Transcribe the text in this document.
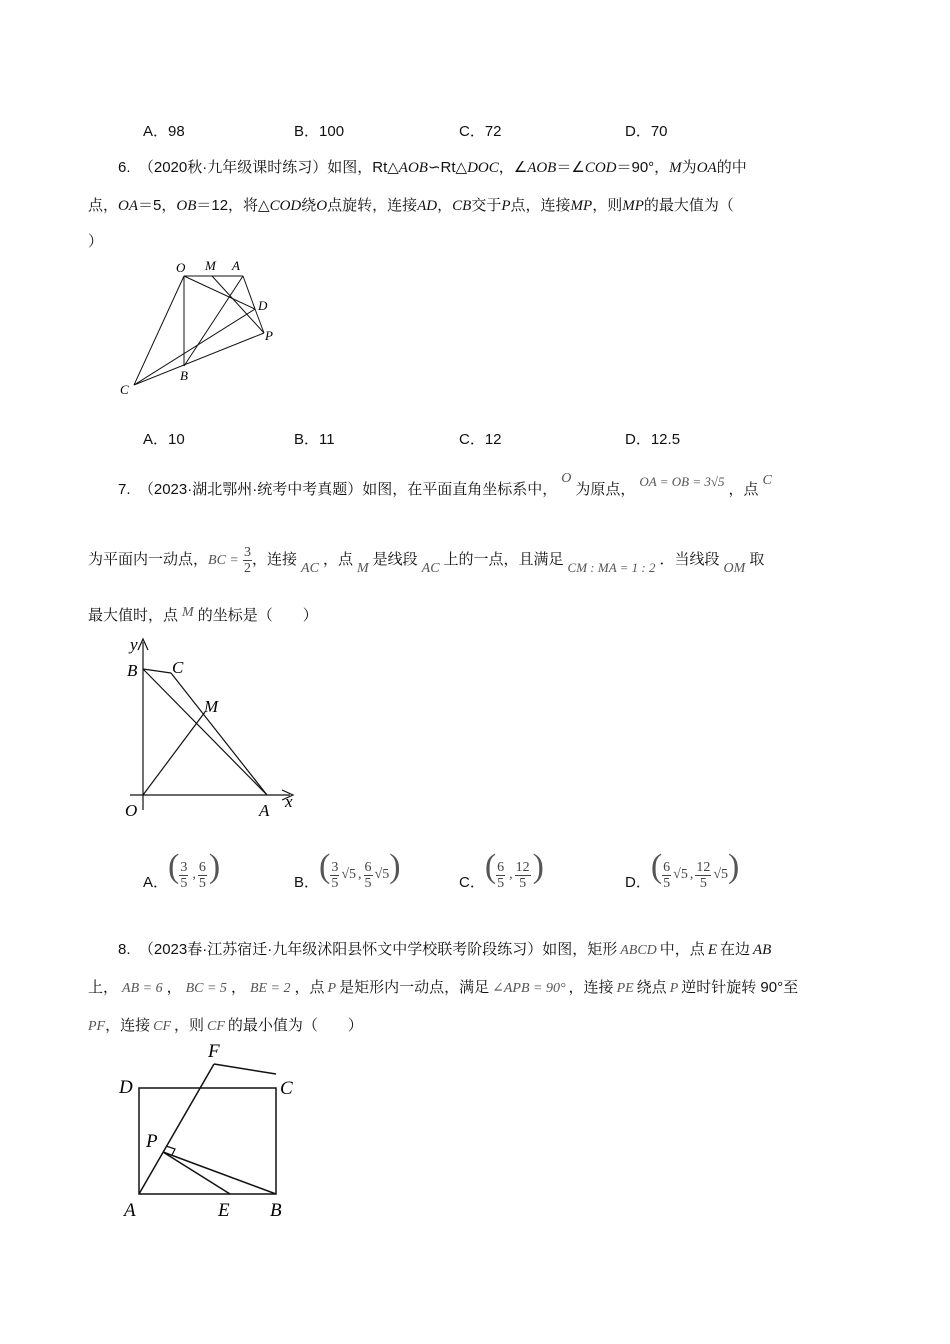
A．98	B．100	C．72	D．70
6. （2020秋·九年级课时练习）如图，Rt△AOB∽Rt△DOC，∠AOB＝∠COD＝90°，M为OA的中
点，OA＝5，OB＝12，将△COD绕O点旋转，连接AD，CB交于P点，连接MP，则MP的最大值为（
）
O M A
D
P
B
C
A．10	B．11	C．12	D．12.5
7. （2023·湖北鄂州·统考中考真题）如图，在平面直角坐标系中，O为原点， OA = OB = 3√5 ，点C
为平面内一动点，BC = $\frac{3}{2}$ ，连接AC，点M是线段AC上的一点，且满足 CM : MA = 1 : 2 ．当线段OM取
最大值时，点 M 的坐标是（　　）
y
B C
M
O	A x
A．( $\frac{3}{5}$ , $\frac{6}{5}$ )	B．( $\frac{3}{5} √5$ , $\frac{6}{5} √5$ )	C．( $\frac{6}{5}$ , $\frac{12}{5}$ )	D．( $\frac{6}{5} √5$ , $\frac{12}{5} √5$ )
8. （2023春·江苏宿迁·九年级沭阳县怀文中学校联考阶段练习）如图，矩形 ABCD 中，点 E 在边 AB
上， AB = 6 ， BC = 5 ， BE = 2 ，点 P 是矩形内一动点，满足 ∠APB = 90° ，连接 PE 绕点 P 逆时针旋转 90°至
PF，连接 CF ，则 CF 的最小值为（　　）
F
D	C
P
A	E B
